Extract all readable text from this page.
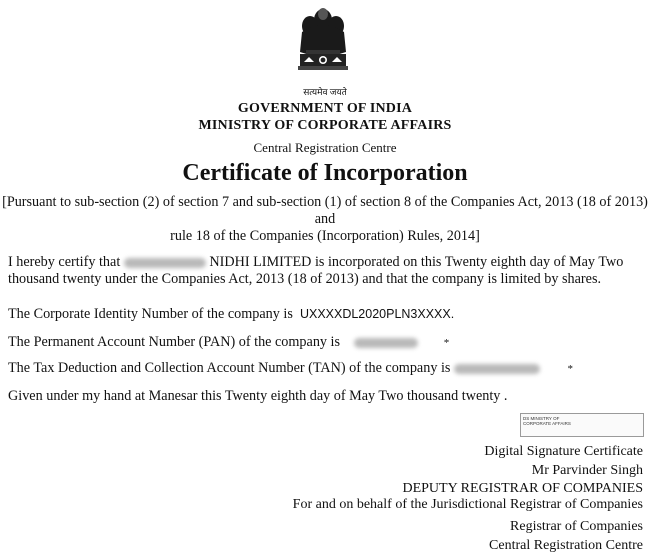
सत्यमेव जयते
GOVERNMENT OF INDIA
MINISTRY OF CORPORATE AFFAIRS
Central Registration Centre
Certificate of Incorporation
[Pursuant to sub-section (2) of section 7 and sub-section (1) of section 8 of the Companies Act, 2013 (18 of 2013) and
rule 18 of the Companies (Incorporation) Rules, 2014]
I hereby certify that	NIDHI LIMITED is incorporated on this Twenty eighth day of May Two thousand twenty under the Companies Act, 2013 (18 of 2013) and that the company is limited by shares.
The Corporate Identity Number of the company is UXXXXDL2020PLN3XXXX.
The Permanent Account Number (PAN) of the company is	*
The Tax Deduction and Collection Account Number (TAN) of the company is	*
Given under my hand at Manesar this Twenty eighth day of May Two thousand twenty .
DS MINISTRY OF
CORPORATE AFFAIRS
Digital Signature Certificate
Mr Parvinder Singh
DEPUTY REGISTRAR OF COMPANIES
For and on behalf of the Jurisdictional Registrar of Companies
Registrar of Companies
Central Registration Centre
